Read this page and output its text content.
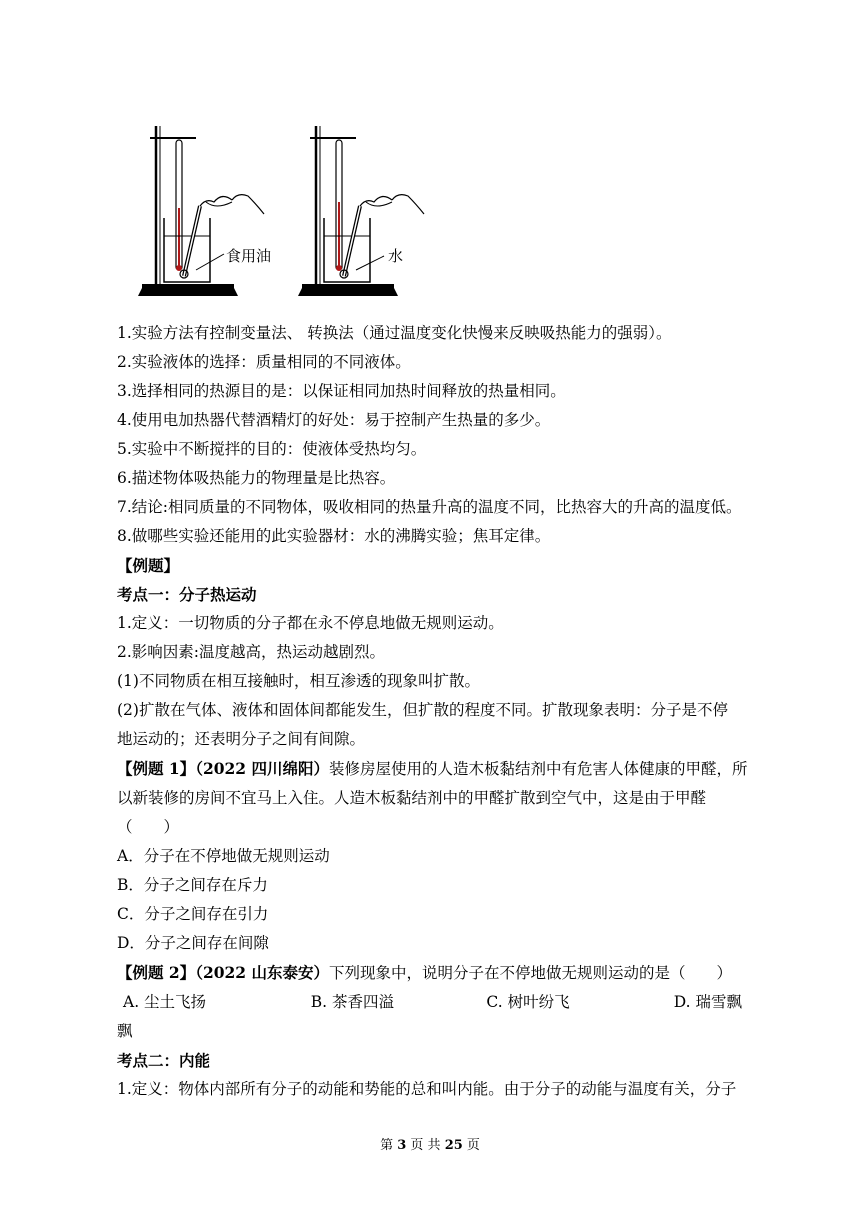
食用油	水
1.实验方法有控制变量法、 转换法（通过温度变化快慢来反映吸热能力的强弱）。
2.实验液体的选择：质量相同的不同液体。
3.选择相同的热源目的是：以保证相同加热时间释放的热量相同。
4.使用电加热器代替酒精灯的好处：易于控制产生热量的多少。
5.实验中不断搅拌的目的：使液体受热均匀。
6.描述物体吸热能力的物理量是比热容。
7.结论:相同质量的不同物体，吸收相同的热量升高的温度不同，比热容大的升高的温度低。
8.做哪些实验还能用的此实验器材：水的沸腾实验；焦耳定律。
【例题】
考点一：分子热运动
1.定义：一切物质的分子都在永不停息地做无规则运动。
2.影响因素:温度越高，热运动越剧烈。
(1)不同物质在相互接触时，相互渗透的现象叫扩散。
(2)扩散在气体、液体和固体间都能发生，但扩散的程度不同。扩散现象表明：分子是不停
地运动的；还表明分子之间有间隙。
【例题 1】（2022 四川绵阳）装修房屋使用的人造木板黏结剂中有危害人体健康的甲醛，所
以新装修的房间不宜马上入住。人造木板黏结剂中的甲醛扩散到空气中，这是由于甲醛
（　　）
A．分子在不停地做无规则运动
B．分子之间存在斥力
C．分子之间存在引力
D．分子之间存在间隙
【例题 2】（2022 山东泰安）下列现象中，说明分子在不停地做无规则运动的是（　　）
A. 尘土飞扬	B. 茶香四溢	C. 树叶纷飞	D. 瑞雪飘
飘
考点二：内能
1.定义：物体内部所有分子的动能和势能的总和叫内能。由于分子的动能与温度有关，分子
第 3 页 共 25 页
